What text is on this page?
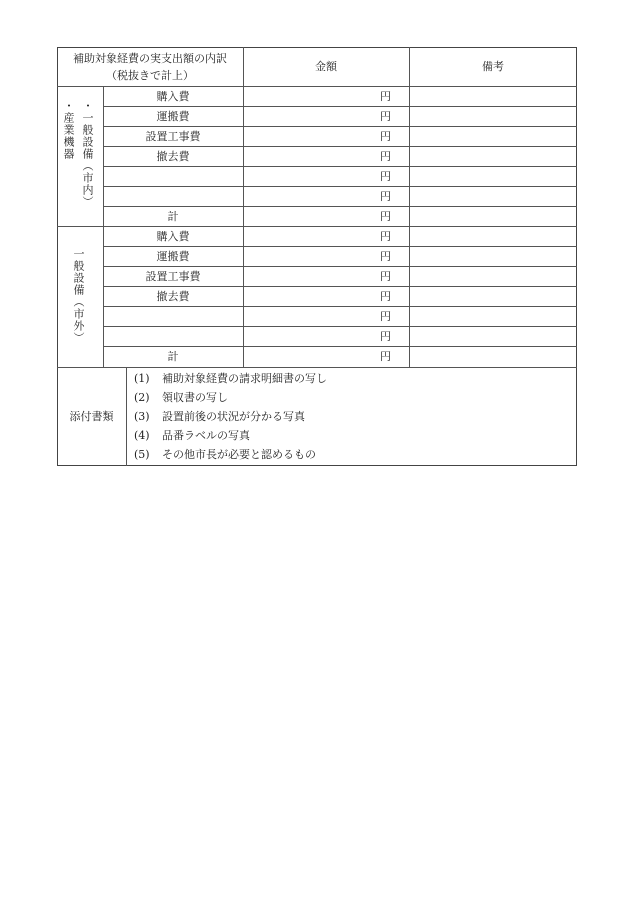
補助対象経費の実支出額の内訳
（税抜きで計上）
金額	備考
・産業機器 ・一般設備（市内）
購入費
運搬費
設置工事費
撤去費
計
円
円
円
円
円
円
円
一般設備（市外）
購入費
運搬費
設置工事費
撤去費
計
円
円
円
円
円
円
円
添付書類
(1) 補助対象経費の請求明細書の写し
(2) 領収書の写し
(3) 設置前後の状況が分かる写真
(4) 品番ラベルの写真
(5) その他市長が必要と認めるもの
